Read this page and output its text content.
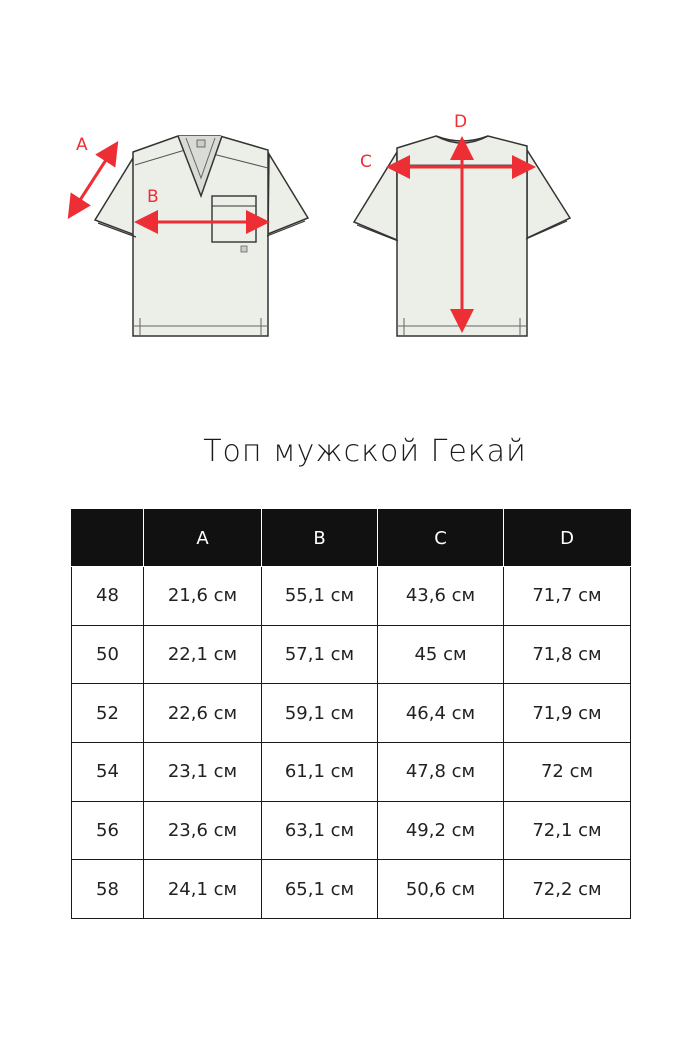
A
B
C
D
Топ мужской Гекай
	A	B	C	D
48	21,6 см	55,1 см	43,6 см	71,7 см
50	22,1 см	57,1 см	45 см	71,8 см
52	22,6 см	59,1 см	46,4 см	71,9 см
54	23,1 см	61,1 см	47,8 см	72 см
56	23,6 см	63,1 см	49,2 см	72,1 см
58	24,1 см	65,1 см	50,6 см	72,2 см
